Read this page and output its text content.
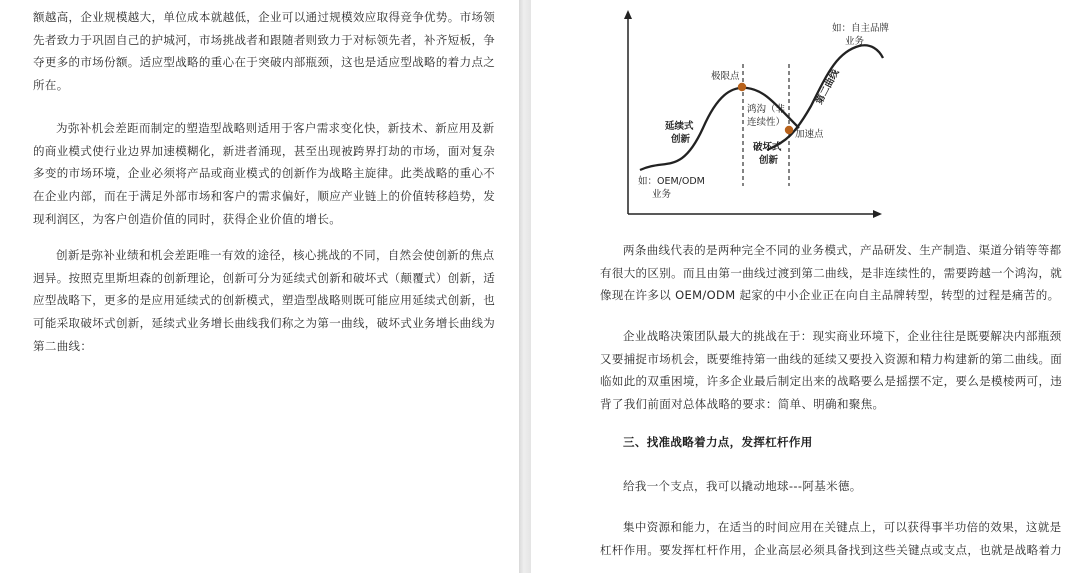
额越高，企业规模越大，单位成本就越低，企业可以通过规模效应取得竞争优势。市场领
先者致力于巩固自己的护城河，市场挑战者和跟随者则致力于对标领先者，补齐短板，争
夺更多的市场份额。适应型战略的重心在于突破内部瓶颈，这也是适应型战略的着力点之
所在。
为弥补机会差距而制定的塑造型战略则适用于客户需求变化快，新技术、新应用及新
的商业模式使行业边界加速模糊化，新进者涌现，甚至出现被跨界打劫的市场，面对复杂
多变的市场环境，企业必须将产品或商业模式的创新作为战略主旋律。此类战略的重心不
在企业内部，而在于满足外部市场和客户的需求偏好，顺应产业链上的价值转移趋势，发
现利润区，为客户创造价值的同时，获得企业价值的增长。
创新是弥补业绩和机会差距唯一有效的途径，核心挑战的不同，自然会使创新的焦点
迥异。按照克里斯坦森的创新理论，创新可分为延续式创新和破坏式（颠覆式）创新，适
应型战略下，更多的是应用延续式的创新模式，塑造型战略则既可能应用延续式创新，也
可能采取破坏式创新，延续式业务增长曲线我们称之为第一曲线，破坏式业务增长曲线为
第二曲线：
如：自主品牌
业务
极限点
延续式
创新
鸿沟（非
连续性）
加速点
破坏式
创新
如：OEM/ODM
业务
第二曲线
两条曲线代表的是两种完全不同的业务模式，产品研发、生产制造、渠道分销等等都
有很大的区别。而且由第一曲线过渡到第二曲线，是非连续性的，需要跨越一个鸿沟，就
像现在许多以 OEM/ODM 起家的中小企业正在向自主品牌转型，转型的过程是痛苦的。
企业战略决策团队最大的挑战在于：现实商业环境下，企业往往是既要解决内部瓶颈
又要捕捉市场机会，既要维持第一曲线的延续又要投入资源和精力构建新的第二曲线。面
临如此的双重困境，许多企业最后制定出来的战略要么是摇摆不定，要么是模棱两可，违
背了我们前面对总体战略的要求：简单、明确和聚焦。
三、找准战略着力点，发挥杠杆作用
给我一个支点，我可以撬动地球---阿基米德。
集中资源和能力，在适当的时间应用在关键点上，可以获得事半功倍的效果，这就是
杠杆作用。要发挥杠杆作用，企业高层必须具备找到这些关键点或支点，也就是战略着力
